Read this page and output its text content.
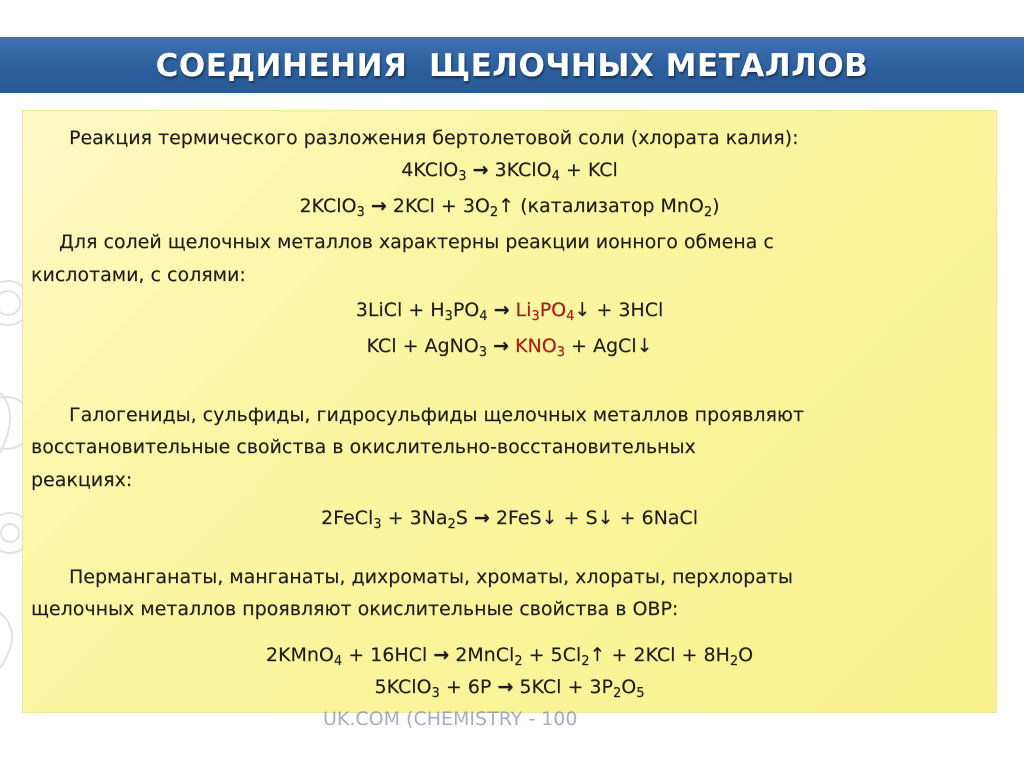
СОЕДИНЕНИЯ ЩЕЛОЧНЫХ МЕТАЛЛОВ
Реакция термического разложения бертолетовой соли (хлората калия):
4KClO$_3$ → 3KClO$_4$ + KCl
2KClO$_3$ → $2KCl + 3O_2↑$ (катализатор MnO$_2$)
Для солей щелочных металлов характерны реакции ионного обмена с
кислотами, с солями:
3LiCl + $H_3PO_4$ → $Li_3PO_4↓ + 3HCl$
KCl + AgNO$_3$ → $KNO_3$ + AgCl↓
Галогениды, сульфиды, гидросульфиды щелочных металлов проявляют
восстановительные свойства в окислительно-восстановительных
реакциях:
2FeCl$_3$ + $3Na_2S$ → 2FeS↓ + S↓ + 6NaCl
Перманганаты, манганаты, дихроматы, хроматы, хлораты, перхлораты
щелочных металлов проявляют окислительные свойства в ОВР:
2KMnO$_4$ + 16HCl → 2MnCl$_2$ + $5Cl_2↑ + 2KCl + 8H_2O$
5KClO$_3$ + $6P \to 5KCl + 3P_2O_5$
UK.COM (CHEMISTRY - 100
